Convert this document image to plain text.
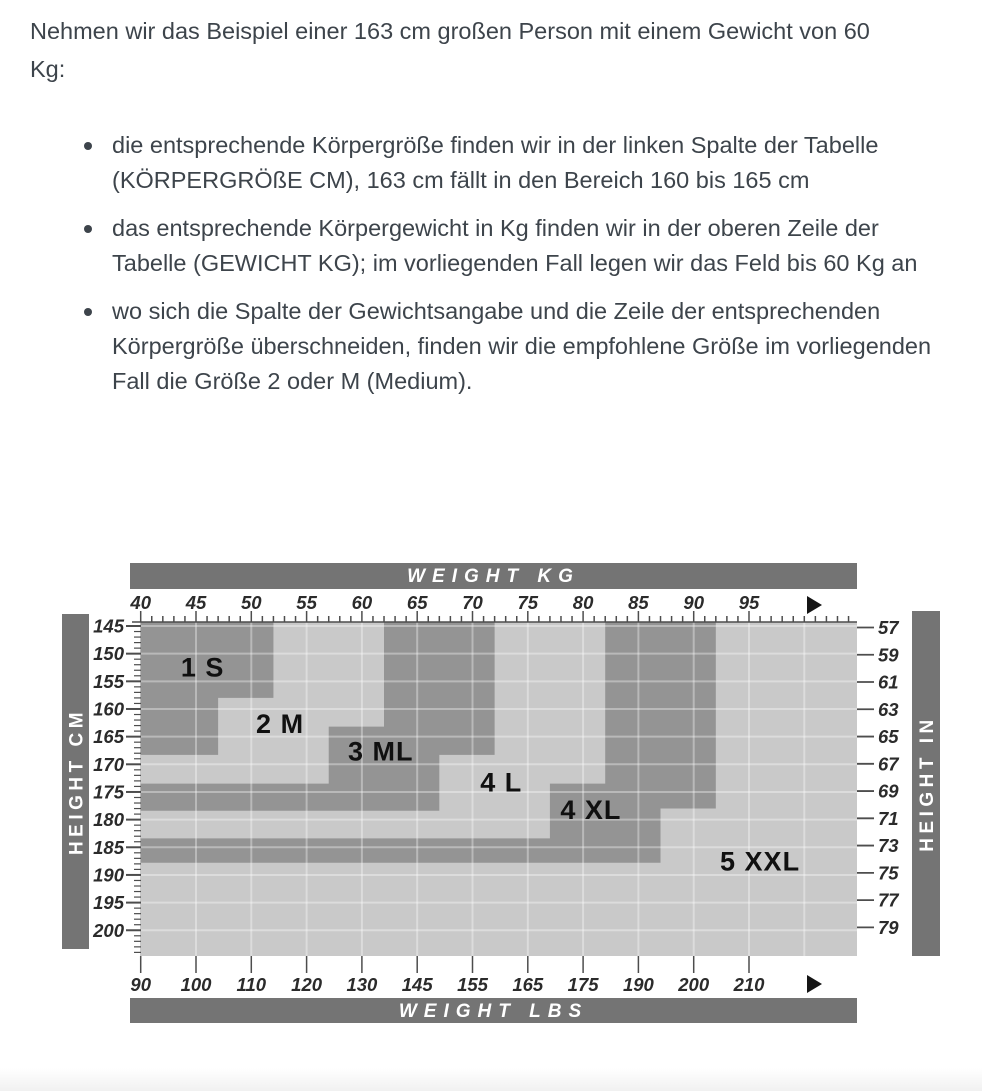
Nehmen wir das Beispiel einer 163 cm großen Person mit einem Gewicht von 60 Kg:

die entsprechende Körpergröße finden wir in der linken Spalte der Tabelle (KÖRPERGRÖßE CM), 163 cm fällt in den Bereich 160 bis 165 cm
das entsprechende Körpergewicht in Kg finden wir in der oberen Zeile der Tabelle (GEWICHT KG); im vorliegenden Fall legen wir das Feld bis 60 Kg an
wo sich die Spalte der Gewichtsangabe und die Zeile der entsprechenden Körpergröße überschneiden, finden wir die empfohlene Größe im vorliegenden Fall die Größe 2 oder M (Medium).
40 45 50 55 60 65 70 75 80 85 90 95
145
150
155
160
165
170
175
180
185
190
195
200
57
59
61
63
65
67
69
71
73
75
77
79
90 100 110 120 130 145 155 165 175 190 200 210
WEIGHT KG
WEIGHT LBS
HEIGHT CM	HEIGHT IN
1 S
2 M
3 ML
4 L
4 XL
5 XXL
